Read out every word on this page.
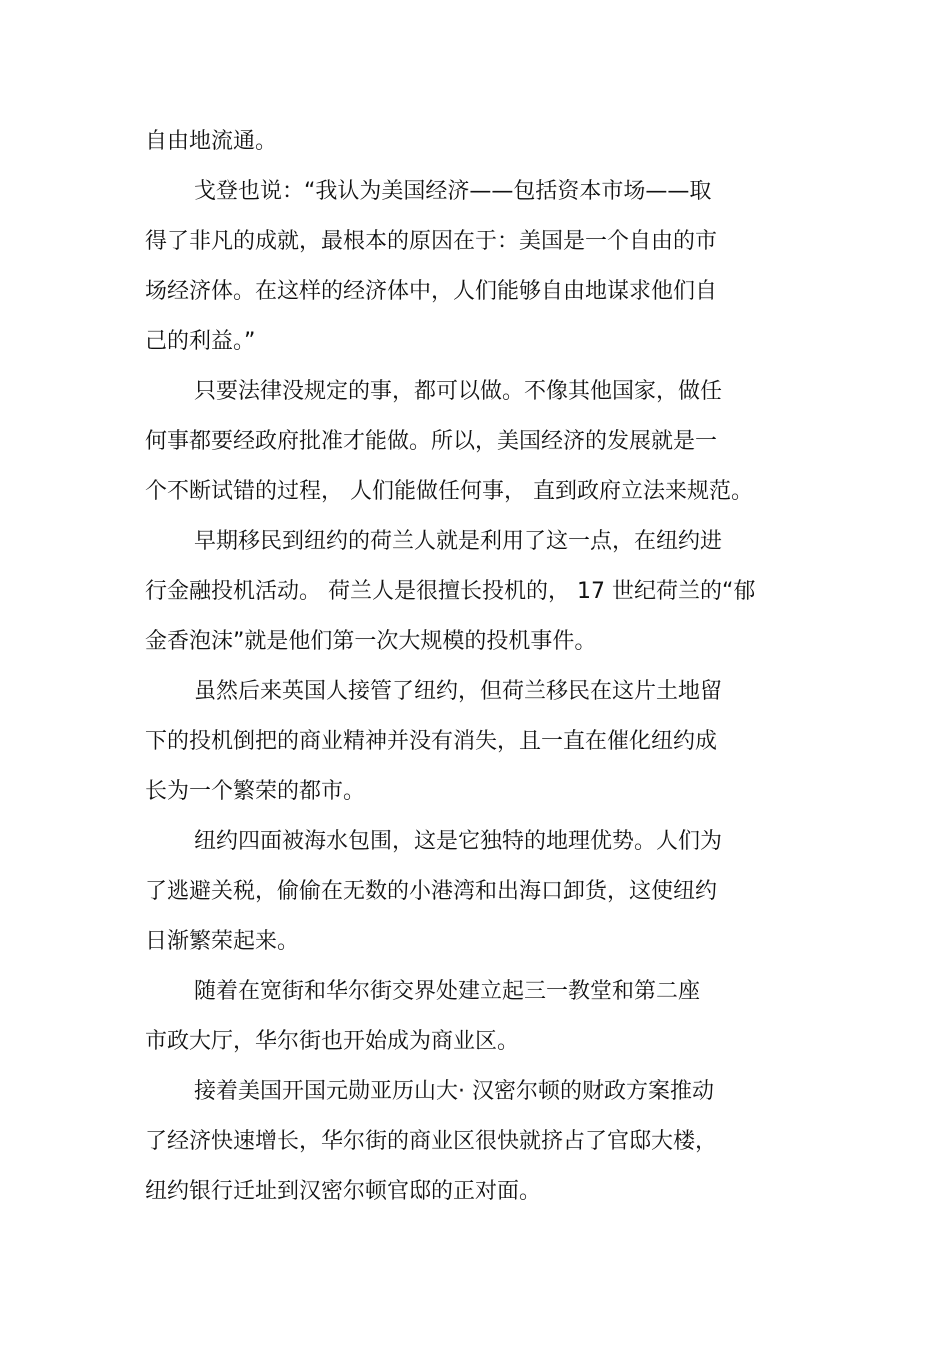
自由地流通。
戈登也说：“我认为美国经济——包括资本市场——取
得了非凡的成就，最根本的原因在于：美国是一个自由的市
场经济体。在这样的经济体中，人们能够自由地谋求他们自
己的利益。”
只要法律没规定的事，都可以做。不像其他国家，做任
何事都要经政府批准才能做。所以，美国经济的发展就是一
个不断试错的过程， 人们能做任何事， 直到政府立法来规范。
早期移民到纽约的荷兰人就是利用了这一点，在纽约进
行金融投机活动。 荷兰人是很擅长投机的， 17 世纪荷兰的“郁
金香泡沫”就是他们第一次大规模的投机事件。
虽然后来英国人接管了纽约，但荷兰移民在这片土地留
下的投机倒把的商业精神并没有消失，且一直在催化纽约成
长为一个繁荣的都市。
纽约四面被海水包围，这是它独特的地理优势。人们为
了逃避关税，偷偷在无数的小港湾和出海口卸货，这使纽约
日渐繁荣起来。
随着在宽街和华尔街交界处建立起三一教堂和第二座
市政大厅，华尔街也开始成为商业区。
接着美国开国元勋亚历山大· 汉密尔顿的财政方案推动
了经济快速增长，华尔街的商业区很快就挤占了官邸大楼，
纽约银行迁址到汉密尔顿官邸的正对面。
